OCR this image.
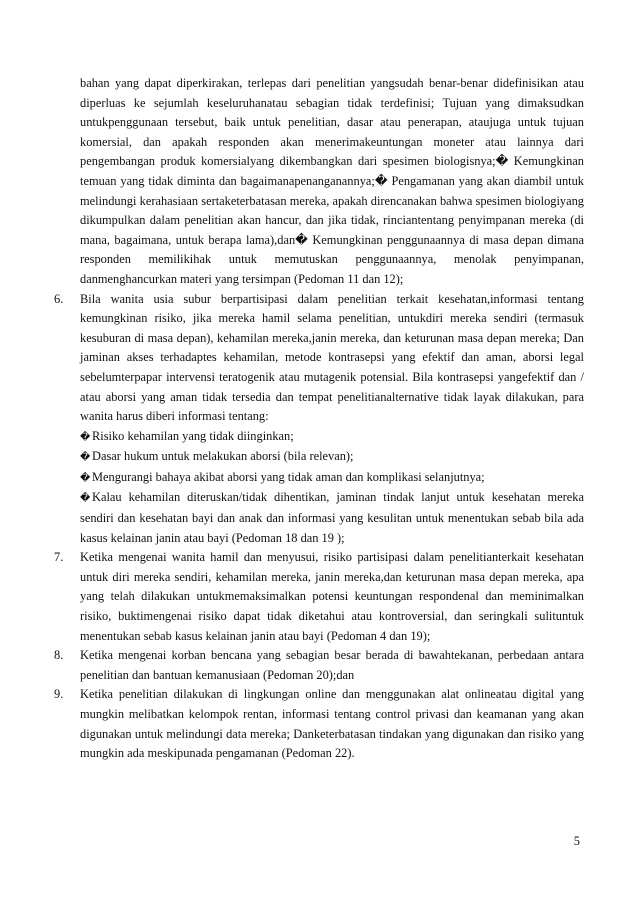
bahan yang dapat diperkirakan, terlepas dari penelitian yangsudah benar-benar didefinisikan atau diperluas ke sejumlah keseluruhanatau sebagian tidak terdefinisi; Tujuan yang dimaksudkan untukpenggunaan tersebut, baik untuk penelitian, dasar atau penerapan, ataujuga untuk tujuan komersial, dan apakah responden akan menerimakeuntungan moneter atau lainnya dari pengembangan produk komersialyang dikembangkan dari spesimen biologisnya;� Kemungkinan temuan yang tidak diminta dan bagaimanapenanganannya;� Pengamanan yang akan diambil untuk melindungi kerahasiaan sertaketerbatasan mereka, apakah direncanakan bahwa spesimen biologiyang dikumpulkan dalam penelitian akan hancur, dan jika tidak, rinciantentang penyimpanan mereka (di mana, bagaimana, untuk berapa lama),dan� Kemungkinan penggunaannya di masa depan dimana responden memilikihak untuk memutuskan penggunaannya, menolak penyimpanan, danmenghancurkan materi yang tersimpan (Pedoman 11 dan 12);

6.	Bila wanita usia subur berpartisipasi dalam penelitian terkait kesehatan,informasi tentang kemungkinan risiko, jika mereka hamil selama penelitian, untukdiri mereka sendiri (termasuk kesuburan di masa depan), kehamilan mereka,janin mereka, dan keturunan masa depan mereka; Dan jaminan akses terhadaptes kehamilan, metode kontrasepsi yang efektif dan aman, aborsi legal sebelumterpapar intervensi teratogenik atau mutagenik potensial. Bila kontrasepsi yangefektif dan / atau aborsi yang aman tidak tersedia dan tempat penelitianalternative tidak layak dilakukan, para wanita harus diberi informasi tentang:
� Risiko kehamilan yang tidak diinginkan;
� Dasar hukum untuk melakukan aborsi (bila relevan);
� Mengurangi bahaya akibat aborsi yang tidak aman dan komplikasi selanjutnya;
� Kalau kehamilan diteruskan/tidak dihentikan, jaminan tindak lanjut untuk kesehatan mereka sendiri dan kesehatan bayi dan anak dan informasi yang kesulitan untuk menentukan sebab bila ada kasus kelainan janin atau bayi (Pedoman 18 dan 19 );
7.	Ketika mengenai wanita hamil dan menyusui, risiko partisipasi dalam penelitianterkait kesehatan untuk diri mereka sendiri, kehamilan mereka, janin mereka,dan keturunan masa depan mereka, apa yang telah dilakukan untukmemaksimalkan potensi keuntungan respondenal dan meminimalkan risiko, buktimengenai risiko dapat tidak diketahui atau kontroversial, dan seringkali sulituntuk menentukan sebab kasus kelainan janin atau bayi (Pedoman 4 dan 19);
8.	Ketika mengenai korban bencana yang sebagian besar berada di bawahtekanan, perbedaan antara penelitian dan bantuan kemanusiaan (Pedoman 20);dan
9.	Ketika penelitian dilakukan di lingkungan online dan menggunakan alat onlineatau digital yang mungkin melibatkan kelompok rentan, informasi tentang control privasi dan keamanan yang akan digunakan untuk melindungi data mereka; Danketerbatasan tindakan yang digunakan dan risiko yang mungkin ada meskipunada pengamanan (Pedoman 22).
5
